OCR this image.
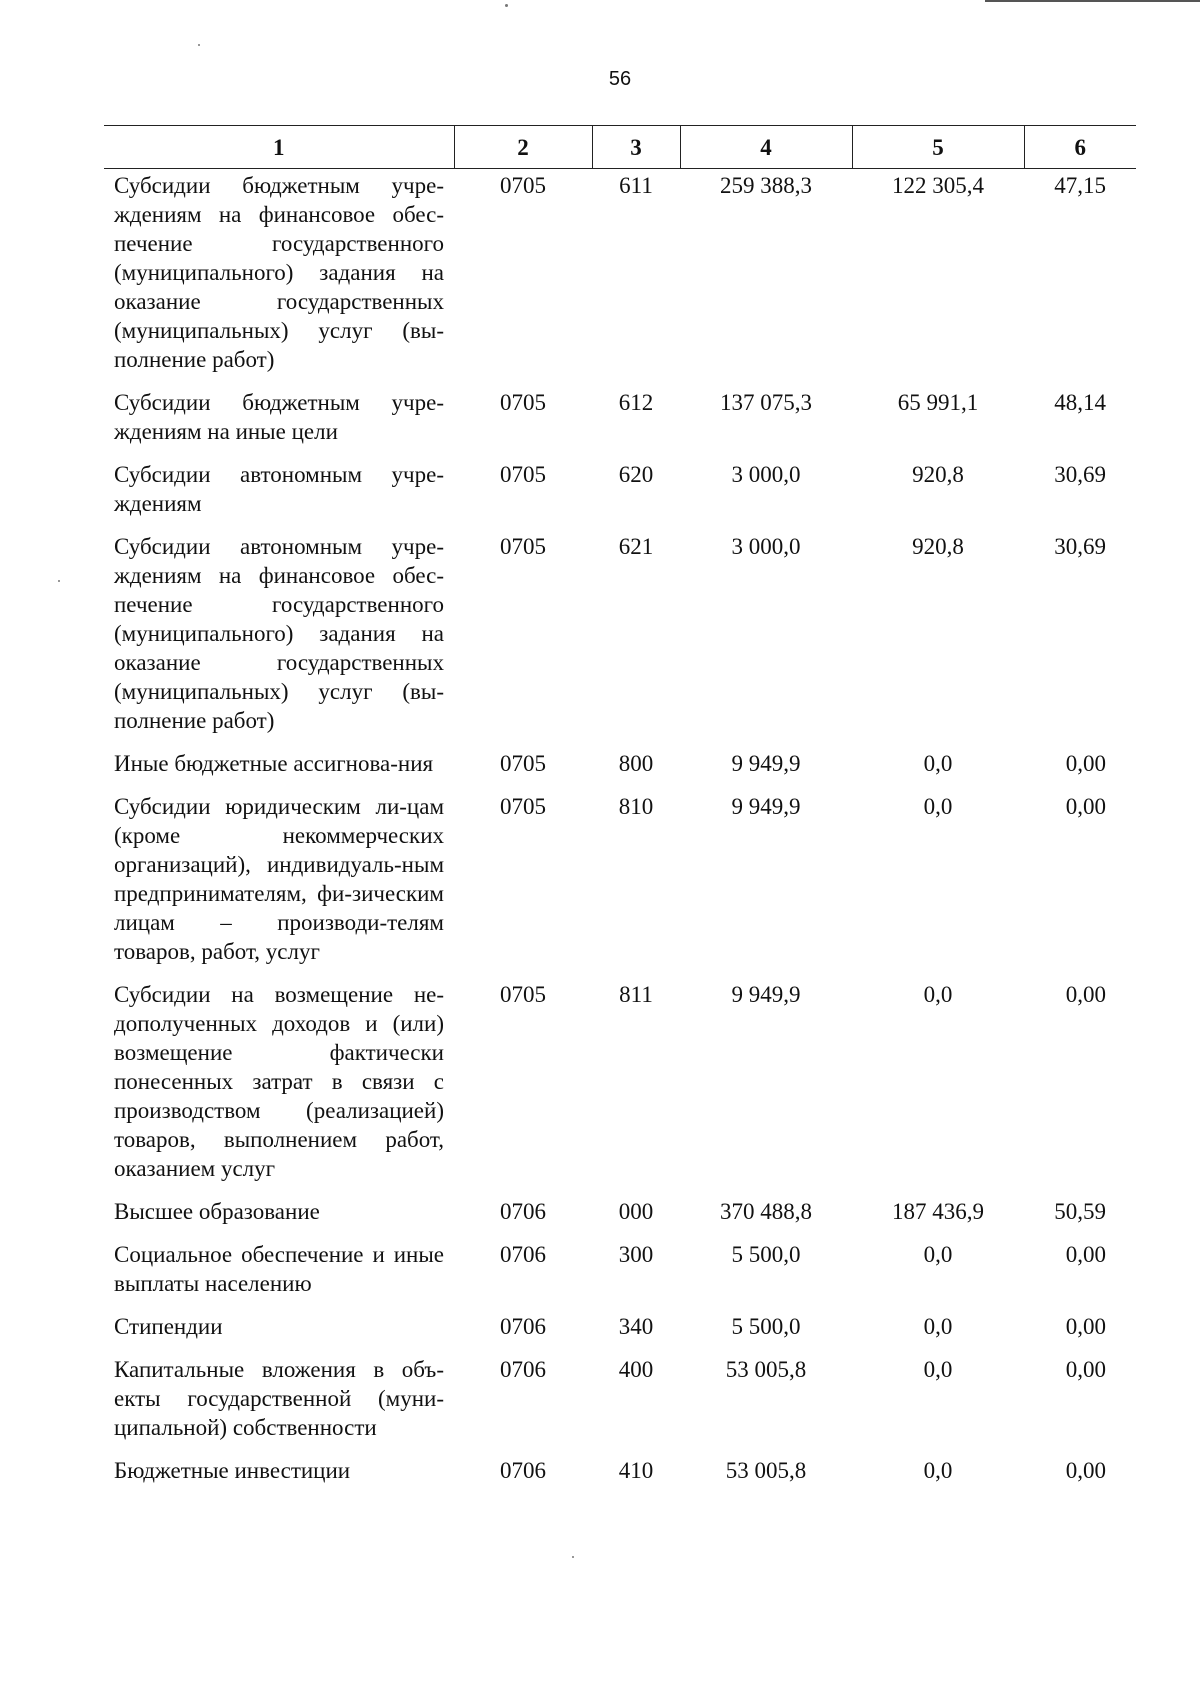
56
1	2	3	4	5	6
Субсидии бюджетным учре-ждениям на финансовое обес-печение государственного (муниципального) задания на оказание государственных (муниципальных) услуг (вы-полнение работ)	0705	611	259 388,3	122 305,4	47,15
Субсидии бюджетным учре-ждениям на иные цели	0705	612	137 075,3	65 991,1	48,14
Субсидии автономным учре-ждениям	0705	620	3 000,0	920,8	30,69
Субсидии автономным учре-ждениям на финансовое обес-печение государственного (муниципального) задания на оказание государственных (муниципальных) услуг (вы-полнение работ)	0705	621	3 000,0	920,8	30,69
Иные бюджетные ассигнова-ния	0705	800	9 949,9	0,0	0,00
Субсидии юридическим ли-цам (кроме некоммерческих организаций), индивидуаль-ным предпринимателям, фи-зическим лицам – производи-телям товаров, работ, услуг	0705	810	9 949,9	0,0	0,00
Субсидии на возмещение не-дополученных доходов и (или) возмещение фактически понесенных затрат в связи с производством (реализацией) товаров, выполнением работ, оказанием услуг	0705	811	9 949,9	0,0	0,00
Высшее образование	0706	000	370 488,8	187 436,9	50,59
Социальное обеспечение и иные выплаты населению	0706	300	5 500,0	0,0	0,00
Стипендии	0706	340	5 500,0	0,0	0,00
Капитальные вложения в объ-екты государственной (муни-ципальной) собственности	0706	400	53 005,8	0,0	0,00
Бюджетные инвестиции	0706	410	53 005,8	0,0	0,00
